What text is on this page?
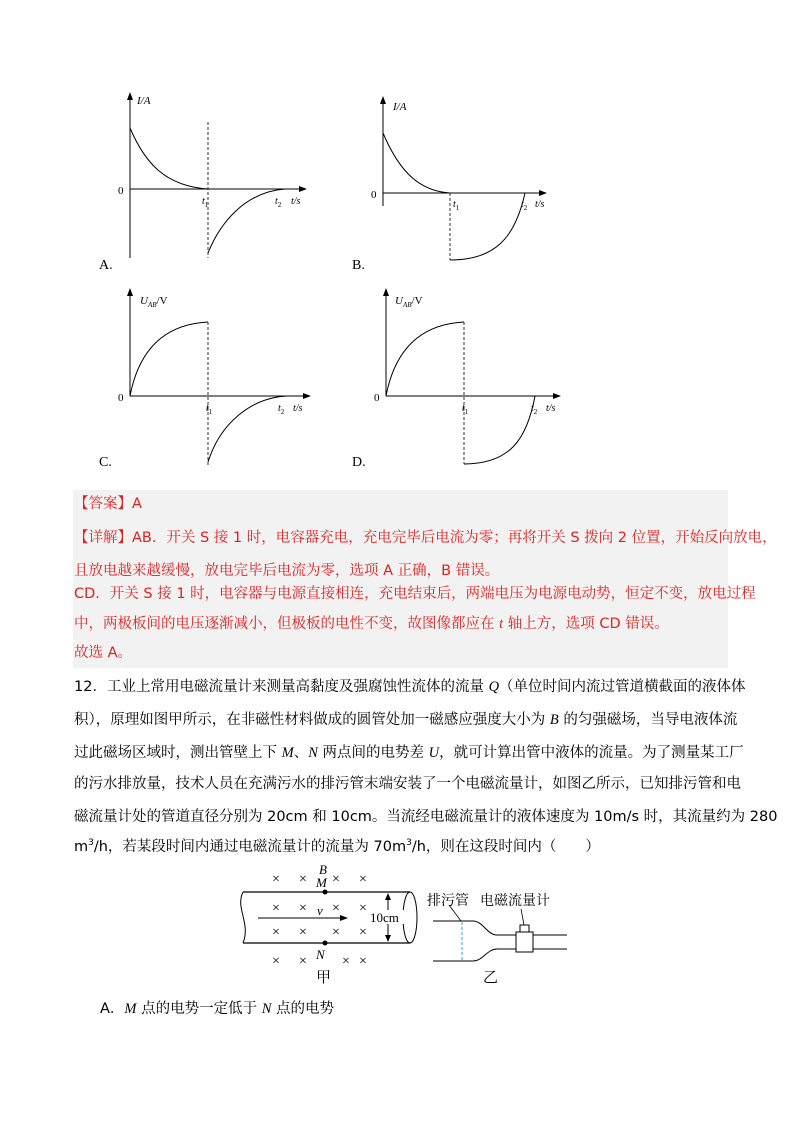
I/A
0
$t_1$	$t_2$ t/s
A.
I/A
0
$t_1$	$t_2$ t/s
B.
$U_{AB}/V$
0
$t_1$	$t_2$ t/s
C.
$U_{AB}/V$
0
$t_1$	$t_2$ t/s
D.
【答案】A
【详解】AB．开关 S 接 1 时，电容器充电，充电完毕后电流为零；再将开关 S 拨向 2 位置，开始反向放电，
且放电越来越缓慢，放电完毕后电流为零，选项 A 正确，B 错误。
CD．开关 S 接 1 时，电容器与电源直接相连，充电结束后，两端电压为电源电动势，恒定不变，放电过程
中，两极板间的电压逐渐减小，但极板的电性不变，故图像都应在 t 轴上方，选项 CD 错误。
故选 A。
12．工业上常用电磁流量计来测量高黏度及强腐蚀性流体的流量 Q（单位时间内流过管道横截面的液体体
积），原理如图甲所示，在非磁性材料做成的圆管处加一磁感应强度大小为 B 的匀强磁场，当导电液体流
过此磁场区域时，测出管壁上下 M、N 两点间的电势差 U，就可计算出管中液体的流量。为了测量某工厂
的污水排放量，技术人员在充满污水的排污管末端安装了一个电磁流量计，如图乙所示，已知排污管和电
磁流量计处的管道直径分别为 20cm 和 10cm。当流经电磁流量计的液体速度为 10m/s 时，其流量约为 280
$m^3/h$，若某段时间内通过电磁流量计的流量为 $70m^3/h$，则在这段时间内（　　）
× × × ×
× × × ×
× × × ×
× ×	× ×
v
B
M
N
10cm
甲
排污管 电磁流量计
乙
A．M 点的电势一定低于 N 点的电势
